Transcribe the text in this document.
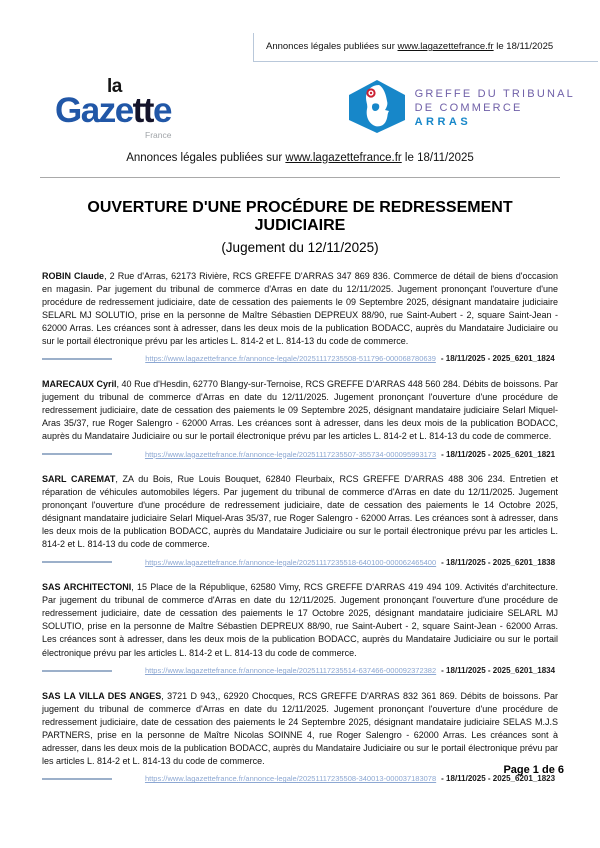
Annonces légales publiées sur www.lagazettefrance.fr le 18/11/2025
la
Gazette
France
GREFFE DU TRIBUNAL
DE COMMERCE
ARRAS
Annonces légales publiées sur www.lagazettefrance.fr le 18/11/2025
OUVERTURE D'UNE PROCÉDURE DE REDRESSEMENT JUDICIAIRE
(Jugement du 12/11/2025)

ROBIN Claude, 2 Rue d'Arras, 62173 Rivière, RCS GREFFE D'ARRAS 347 869 836. Commerce de détail de biens d'occasion en magasin. Par jugement du tribunal de commerce d'Arras en date du 12/11/2025. Jugement prononçant l'ouverture d'une procédure de redressement judiciaire, date de cessation des paiements le 09 Septembre 2025, désignant mandataire judiciaire SELARL MJ SOLUTIO, prise en la personne de Maître Sébastien DEPREUX 88/90, rue Saint-Aubert - 2, square Saint-Jean - 62000 Arras. Les créances sont à adresser, dans les deux mois de la publication BODACC, auprès du Mandataire Judiciaire ou sur le portail électronique prévu par les articles L. 814-2 et L. 814-13 du code de commerce.

https://www.lagazettefrance.fr/annonce-legale/20251117235508-511796-000068780639 - 18/11/2025 - 2025_6201_1824

MARECAUX Cyril, 40 Rue d'Hesdin, 62770 Blangy-sur-Ternoise, RCS GREFFE D'ARRAS 448 560 284. Débits de boissons. Par jugement du tribunal de commerce d'Arras en date du 12/11/2025. Jugement prononçant l'ouverture d'une procédure de redressement judiciaire, date de cessation des paiements le 09 Septembre 2025, désignant mandataire judiciaire Selarl Miquel-Aras 35/37, rue Roger Salengro - 62000 Arras. Les créances sont à adresser, dans les deux mois de la publication BODACC, auprès du Mandataire Judiciaire ou sur le portail électronique prévu par les articles L. 814-2 et L. 814-13 du code de commerce.

https://www.lagazettefrance.fr/annonce-legale/20251117235507-355734-000095993173 - 18/11/2025 - 2025_6201_1821

SARL CAREMAT, ZA du Bois, Rue Louis Bouquet, 62840 Fleurbaix, RCS GREFFE D'ARRAS 488 306 234. Entretien et réparation de véhicules automobiles légers. Par jugement du tribunal de commerce d'Arras en date du 12/11/2025. Jugement prononçant l'ouverture d'une procédure de redressement judiciaire, date de cessation des paiements le 14 Octobre 2025, désignant mandataire judiciaire Selarl Miquel-Aras 35/37, rue Roger Salengro - 62000 Arras. Les créances sont à adresser, dans les deux mois de la publication BODACC, auprès du Mandataire Judiciaire ou sur le portail électronique prévu par les articles L. 814-2 et L. 814-13 du code de commerce.

https://www.lagazettefrance.fr/annonce-legale/20251117235518-640100-000062465400 - 18/11/2025 - 2025_6201_1838

SAS ARCHITECTONI, 15 Place de la République, 62580 Vimy, RCS GREFFE D'ARRAS 419 494 109. Activités d'architecture. Par jugement du tribunal de commerce d'Arras en date du 12/11/2025. Jugement prononçant l'ouverture d'une procédure de redressement judiciaire, date de cessation des paiements le 17 Octobre 2025, désignant mandataire judiciaire SELARL MJ SOLUTIO, prise en la personne de Maître Sébastien DEPREUX 88/90, rue Saint-Aubert - 2, square Saint-Jean - 62000 Arras. Les créances sont à adresser, dans les deux mois de la publication BODACC, auprès du Mandataire Judiciaire ou sur le portail électronique prévu par les articles L. 814-2 et L. 814-13 du code de commerce.

https://www.lagazettefrance.fr/annonce-legale/20251117235514-637466-000092372382 - 18/11/2025 - 2025_6201_1834

SAS LA VILLA DES ANGES, 3721 D 943,, 62920 Chocques, RCS GREFFE D'ARRAS 832 361 869. Débits de boissons. Par jugement du tribunal de commerce d'Arras en date du 12/11/2025. Jugement prononçant l'ouverture d'une procédure de redressement judiciaire, date de cessation des paiements le 24 Septembre 2025, désignant mandataire judiciaire SELAS M.J.S PARTNERS, prise en la personne de Maître Nicolas SOINNE 4, rue Roger Salengro - 62000 Arras. Les créances sont à adresser, dans les deux mois de la publication BODACC, auprès du Mandataire Judiciaire ou sur le portail électronique prévu par les articles L. 814-2 et L. 814-13 du code de commerce.

https://www.lagazettefrance.fr/annonce-legale/20251117235508-340013-000037183078 - 18/11/2025 - 2025_6201_1823
Page 1 de 6
